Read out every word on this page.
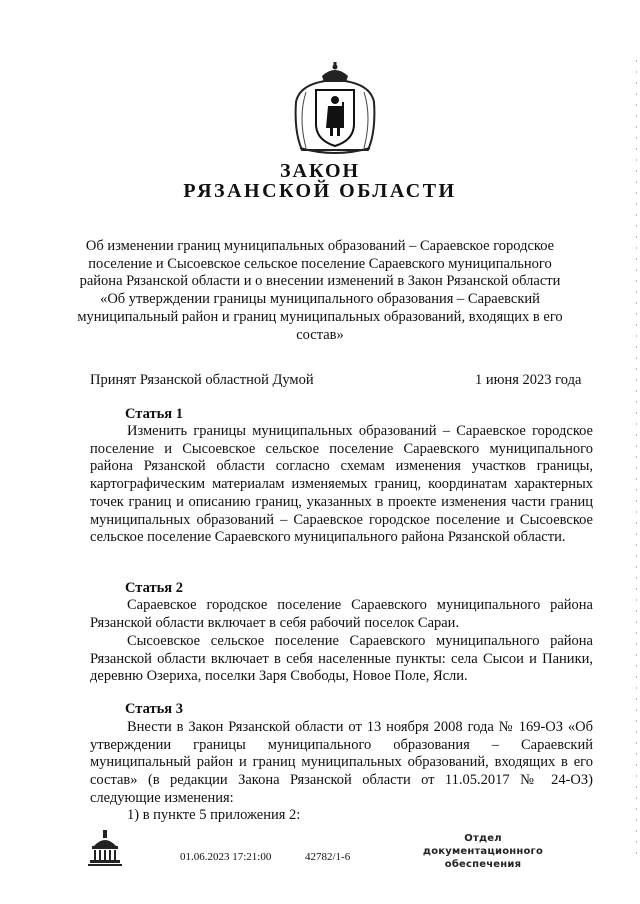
ЗАКОН
РЯЗАНСКОЙ ОБЛАСТИ
Об изменении границ муниципальных образований – Сараевское городское поселение и Сысоевское сельское поселение Сараевского муниципального района Рязанской области и о внесении изменений в Закон Рязанской области «Об утверждении границы муниципального образования – Сараевский муниципальный район и границ муниципальных образований, входящих в его состав»
Принят Рязанской областной Думой	1 июня 2023 года
Статья 1
Изменить границы муниципальных образований – Сараевское городское поселение и Сысоевское сельское поселение Сараевского муниципального района Рязанской области согласно схемам изменения участков границы, картографическим материалам изменяемых границ, координатам характерных точек границ и описанию границ, указанных в проекте изменения части границ муниципальных образований – Сараевское городское поселение и Сысоевское сельское поселение Сараевского муниципального района Рязанской области.
Статья 2
Сараевское городское поселение Сараевского муниципального района Рязанской области включает в себя рабочий поселок Сараи.
Сысоевское сельское поселение Сараевского муниципального района Рязанской области включает в себя населенные пункты: села Сысои и Паники, деревню Озериха, поселки Заря Свободы, Новое Поле, Ясли.
Статья 3
Внести в Закон Рязанской области от 13 ноября 2008 года № 169-ОЗ «Об утверждении границы муниципального образования – Сараевский муниципальный район и границ муниципальных образований, входящих в его состав» (в редакции Закона Рязанской области от 11.05.2017 № 24-ОЗ) следующие изменения:
1) в пункте 5 приложения 2:
01.06.2023 17:21:00	42782/1-6
Отдел документационного
обеспечения
